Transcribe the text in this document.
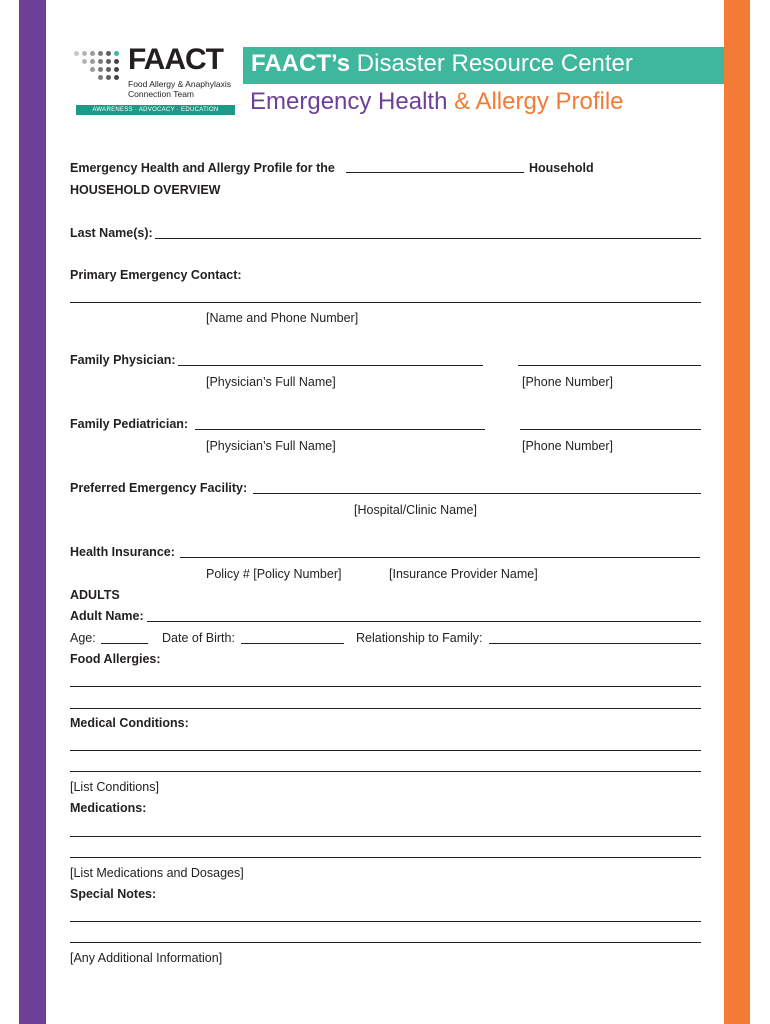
FAACT
Food Allergy & Anaphylaxis
Connection Team
AWARENESS · ADVOCACY · EDUCATION
FAACT’s Disaster Resource Center
Emergency Health & Allergy Profile
Emergency Health and Allergy Profile for the	Household
HOUSEHOLD OVERVIEW
Last Name(s):
Primary Emergency Contact:
[Name and Phone Number]
Family Physician:
[Physician’s Full Name]	[Phone Number]
Family Pediatrician:
[Physician’s Full Name]	[Phone Number]
Preferred Emergency Facility:
[Hospital/Clinic Name]
Health Insurance:
Policy # [Policy Number]	[Insurance Provider Name]
ADULTS
Adult Name:
Age:	Date of Birth:	Relationship to Family:
Food Allergies:
Medical Conditions:
[List Conditions]
Medications:
[List Medications and Dosages]
Special Notes:
[Any Additional Information]
